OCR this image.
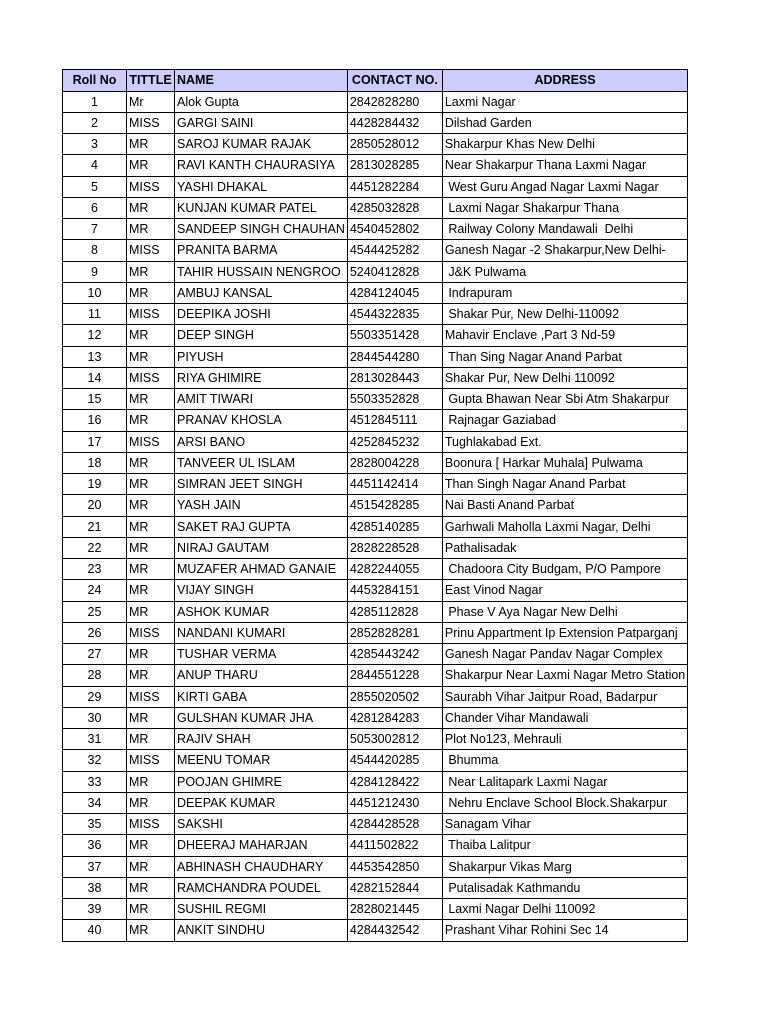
Roll No	TITTLE	NAME	CONTACT NO.	ADDRESS
1	Mr	Alok Gupta	2842828280	Laxmi Nagar
2	MISS	GARGI SAINI	4428284432	Dilshad Garden
3	MR	SAROJ KUMAR RAJAK	2850528012	Shakarpur Khas New Delhi
4	MR	RAVI KANTH CHAURASIYA	2813028285	Near Shakarpur Thana Laxmi Nagar
5	MISS	YASHI DHAKAL	4451282284	West Guru Angad Nagar Laxmi Nagar
6	MR	KUNJAN KUMAR PATEL	4285032828	Laxmi Nagar Shakarpur Thana
7	MR	SANDEEP SINGH CHAUHAN	4540452802	Railway Colony Mandawali  Delhi
8	MISS	PRANITA BARMA	4544425282	Ganesh Nagar -2 Shakarpur,New Delhi-
9	MR	TAHIR HUSSAIN NENGROO	5240412828	J&K Pulwama
10	MR	AMBUJ KANSAL	4284124045	Indrapuram
11	MISS	DEEPIKA JOSHI	4544322835	Shakar Pur, New Delhi-110092
12	MR	DEEP SINGH	5503351428	Mahavir Enclave ,Part 3 Nd-59
13	MR	PIYUSH	2844544280	Than Sing Nagar Anand Parbat
14	MISS	RIYA GHIMIRE	2813028443	Shakar Pur, New Delhi 110092
15	MR	AMIT TIWARI	5503352828	Gupta Bhawan Near Sbi Atm Shakarpur
16	MR	PRANAV KHOSLA	4512845111	Rajnagar Gaziabad
17	MISS	ARSI BANO	4252845232	Tughlakabad Ext.
18	MR	TANVEER UL ISLAM	2828004228	Boonura [ Harkar Muhala] Pulwama
19	MR	SIMRAN JEET SINGH	4451142414	Than Singh Nagar Anand Parbat
20	MR	YASH JAIN	4515428285	Nai Basti Anand Parbat
21	MR	SAKET RAJ GUPTA	4285140285	Garhwali Maholla Laxmi Nagar, Delhi
22	MR	NIRAJ GAUTAM	2828228528	Pathalisadak
23	MR	MUZAFER AHMAD GANAIE	4282244055	Chadoora City Budgam, P/O Pampore
24	MR	VIJAY SINGH	4453284151	East Vinod Nagar
25	MR	ASHOK KUMAR	4285112828	Phase V Aya Nagar New Delhi
26	MISS	NANDANI KUMARI	2852828281	Prinu Appartment Ip Extension Patparganj
27	MR	TUSHAR VERMA	4285443242	Ganesh Nagar Pandav Nagar Complex
28	MR	ANUP THARU	2844551228	Shakarpur Near Laxmi Nagar Metro Station
29	MISS	KIRTI GABA	2855020502	Saurabh Vihar Jaitpur Road, Badarpur
30	MR	GULSHAN KUMAR JHA	4281284283	Chander Vihar Mandawali
31	MR	RAJIV SHAH	5053002812	Plot No123, Mehrauli
32	MISS	MEENU TOMAR	4544420285	Bhumma
33	MR	POOJAN GHIMRE	4284128422	Near Lalitapark Laxmi Nagar
34	MR	DEEPAK KUMAR	4451212430	Nehru Enclave School Block.Shakarpur
35	MISS	SAKSHI	4284428528	Sanagam Vihar
36	MR	DHEERAJ MAHARJAN	4411502822	Thaiba Lalitpur
37	MR	ABHINASH CHAUDHARY	4453542850	Shakarpur Vikas Marg
38	MR	RAMCHANDRA POUDEL	4282152844	Putalisadak Kathmandu
39	MR	SUSHIL REGMI	2828021445	Laxmi Nagar Delhi 110092
40	MR	ANKIT SINDHU	4284432542	Prashant Vihar Rohini Sec 14
